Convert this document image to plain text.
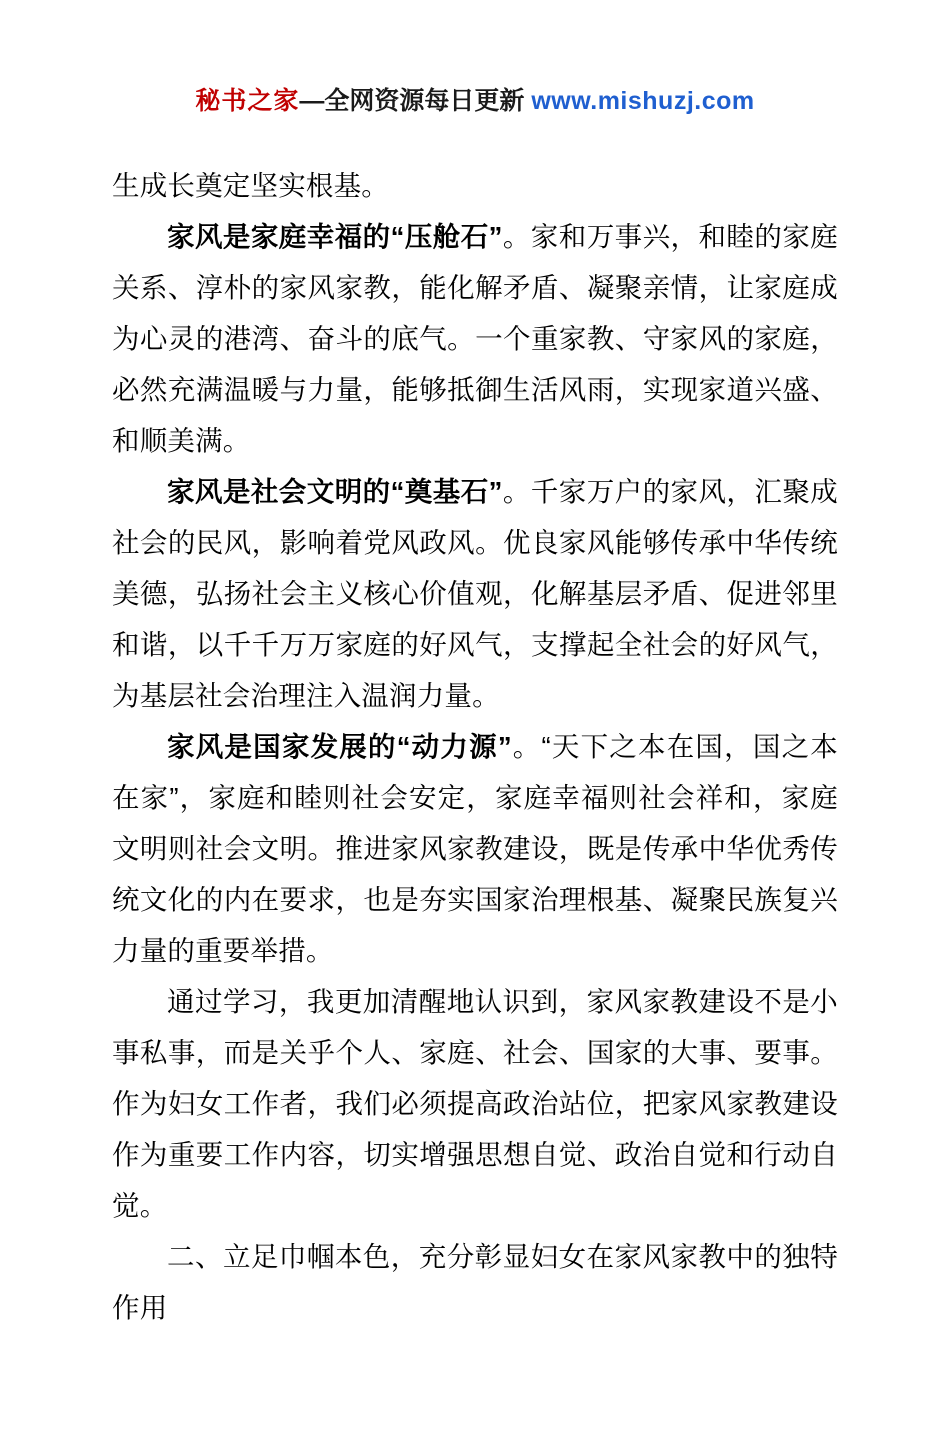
秘书之家—全网资源每日更新 www.mishuzj.com

生成长奠定坚实根基。

家风是家庭幸福的“压舱石”。家和万事兴，和睦的家庭关系、淳朴的家风家教，能化解矛盾、凝聚亲情，让家庭成为心灵的港湾、奋斗的底气。一个重家教、守家风的家庭，必然充满温暖与力量，能够抵御生活风雨，实现家道兴盛、和顺美满。

家风是社会文明的“奠基石”。千家万户的家风，汇聚成社会的民风，影响着党风政风。优良家风能够传承中华传统美德，弘扬社会主义核心价值观，化解基层矛盾、促进邻里和谐，以千千万万家庭的好风气，支撑起全社会的好风气，为基层社会治理注入温润力量。

家风是国家发展的“动力源”。“天下之本在国，国之本在家”，家庭和睦则社会安定，家庭幸福则社会祥和，家庭文明则社会文明。推进家风家教建设，既是传承中华优秀传统文化的内在要求，也是夯实国家治理根基、凝聚民族复兴力量的重要举措。

通过学习，我更加清醒地认识到，家风家教建设不是小事私事，而是关乎个人、家庭、社会、国家的大事、要事。作为妇女工作者，我们必须提高政治站位，把家风家教建设作为重要工作内容，切实增强思想自觉、政治自觉和行动自觉。

二、立足巾帼本色，充分彰显妇女在家风家教中的独特作用
